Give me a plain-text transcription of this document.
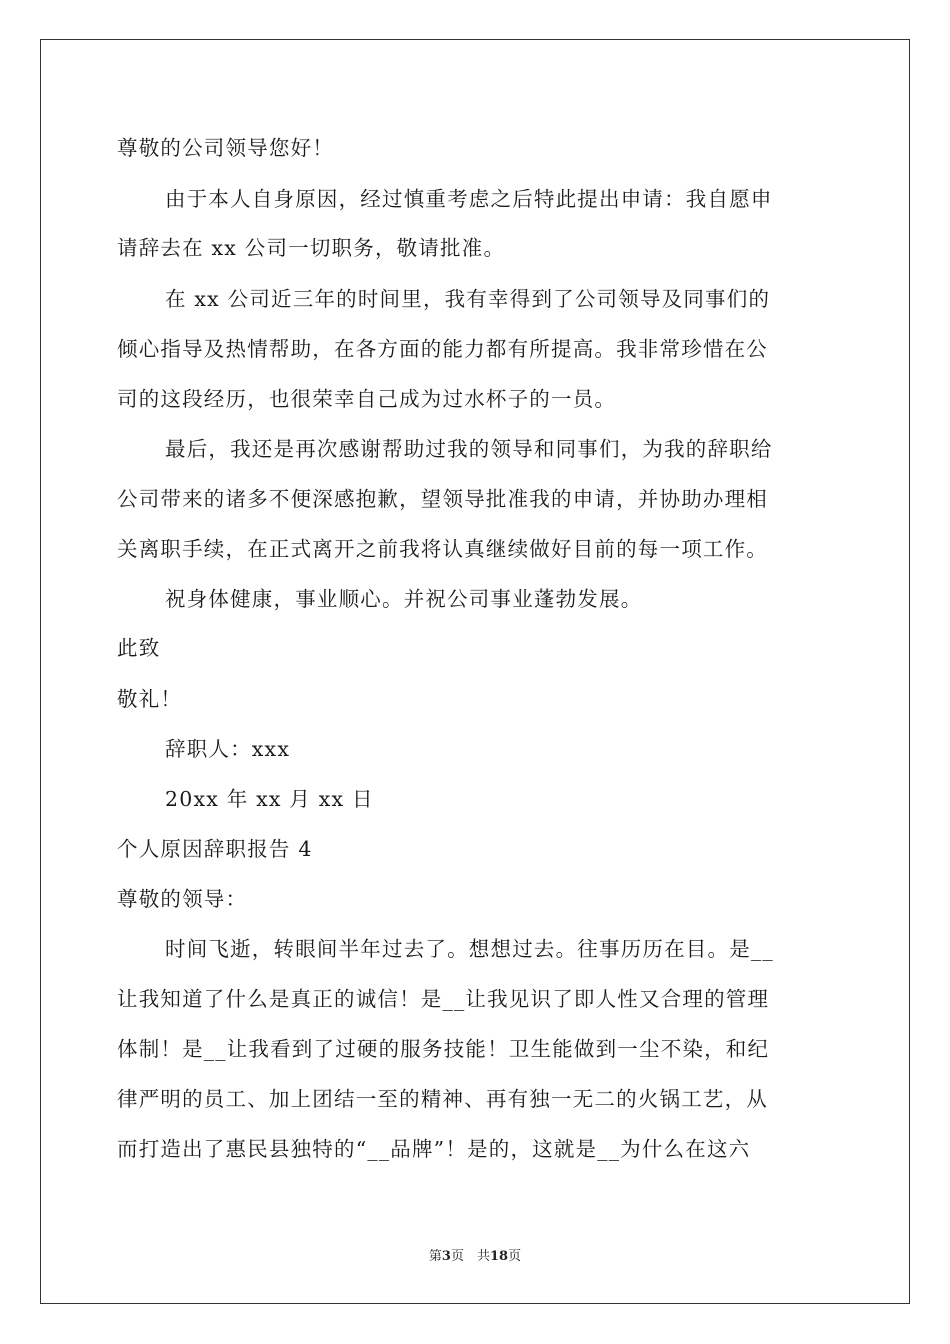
尊敬的公司领导您好！
由于本人自身原因，经过慎重考虑之后特此提出申请：我自愿申
请辞去在 xx 公司一切职务，敬请批准。
在 xx 公司近三年的时间里，我有幸得到了公司领导及同事们的
倾心指导及热情帮助，在各方面的能力都有所提高。我非常珍惜在公
司的这段经历，也很荣幸自己成为过水杯子的一员。
最后，我还是再次感谢帮助过我的领导和同事们，为我的辞职给
公司带来的诸多不便深感抱歉，望领导批准我的申请，并协助办理相
关离职手续，在正式离开之前我将认真继续做好目前的每一项工作。
祝身体健康，事业顺心。并祝公司事业蓬勃发展。
此致
敬礼！
辞职人：xxx
20xx 年 xx 月 xx 日
个人原因辞职报告 4
尊敬的领导：
时间飞逝，转眼间半年过去了。想想过去。往事历历在目。是__
让我知道了什么是真正的诚信！是__让我见识了即人性又合理的管理
体制！是__让我看到了过硬的服务技能！卫生能做到一尘不染，和纪
律严明的员工、加上团结一至的精神、再有独一无二的火锅工艺，从
而打造出了惠民县独特的“__品牌”！是的，这就是__为什么在这六
第3页　共18页
